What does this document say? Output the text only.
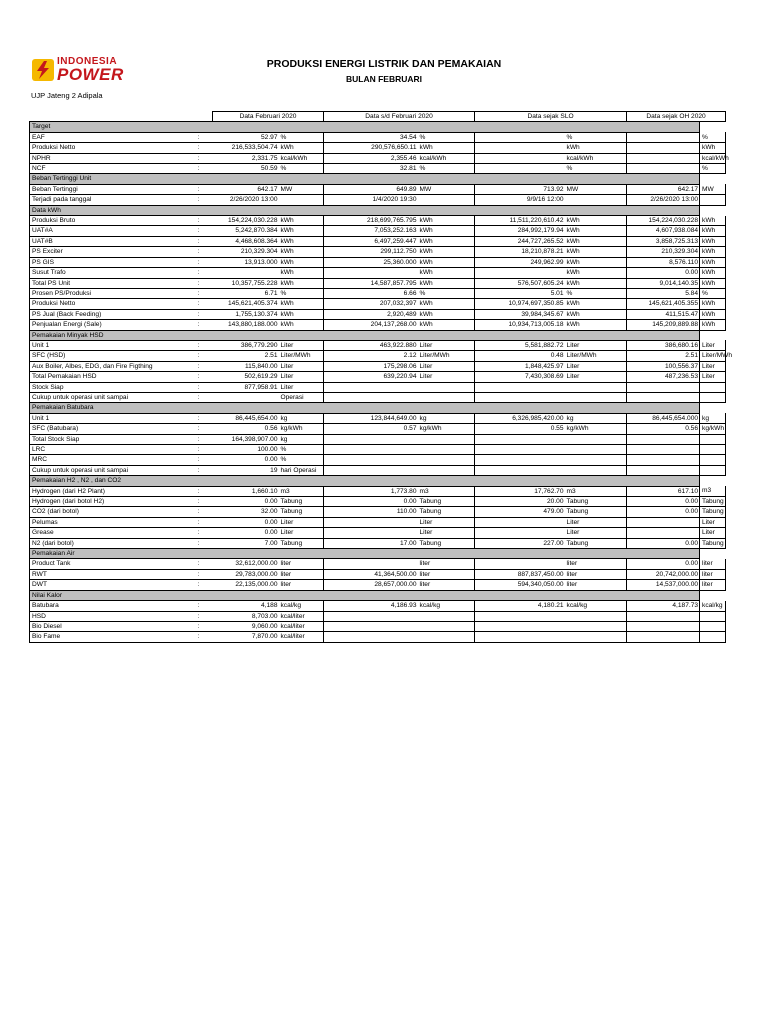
INDONESIA
POWER
UJP Jateng 2 Adipala
PRODUKSI ENERGI LISTRIK DAN PEMAKAIAN
BULAN FEBRUARI
		Data Februari 2020		Data s/d Februari 2020		Data sejak SLO		Data sejak OH 2020	
Target									
EAF	:	52.97	%	34.54	%		%		%
Produksi Netto	:	216,533,504.74	kWh	290,576,650.11	kWh		kWh		kWh
NPHR	:	2,331.75	kcal/kWh	2,355.46	kcal/kWh		kcal/kWh		kcal/kWh
NCF	:	50.59	%	32.81	%		%		%
Beban Tertinggi Unit									
Beban Tertinggi	:	642.17	MW	649.89	MW	713.92	MW	642.17	MW
Terjadi pada tanggal	:	2/26/2020 13:00		1/4/2020 19:30		9/9/16 12:00		2/26/2020 13:00	
Data kWh									
Produksi Bruto	:	154,224,030.228	kWh	218,699,765.795	kWh	11,511,220,610.42	kWh	154,224,030.228	kWh
UAT#A	:	5,242,870.384	kWh	7,053,252.163	kWh	284,992,179.94	kWh	4,607,938.084	kWh
UAT#B	:	4,468,608.364	kWh	6,497,259.447	kWh	244,727,265.52	kWh	3,858,725.313	kWh
PS Exciter	:	210,329.304	kWh	299,112.750	kWh	18,210,878.21	kWh	210,329.304	kWh
PS GIS	:	13,913.000	kWh	25,360.000	kWh	249,962.99	kWh	8,576.110	kWh
Susut Trafo	:		kWh		kWh		kWh	0.00	kWh
Total PS Unit	:	10,357,755.228	kWh	14,587,857.795	kWh	576,507,605.24	kWh	9,014,140.35	kWh
Prosen PS/Produksi	:	6.71	%	6.66	%	5.01	%	5.84	%
Produksi Netto	:	145,621,405.374	kWh	207,032,397	kWh	10,974,697,350.85	kWh	145,621,405.355	kWh
PS Jual (Back Feeding)	:	1,755,130.374	kWh	2,920,489	kWh	39,984,345.67	kWh	411,515.47	kWh
Penjualan Energi (Sale)	:	143,880,188.000	kWh	204,137,268.00	kWh	10,934,713,005.18	kWh	145,209,889.88	kWh
Pemakaian Minyak HSD									
Unit 1	:	386,779.290	Liter	463,922.880	Liter	5,581,882.72	Liter	386,680.16	Liter
SFC (HSD)	:	2.51	Liter/MWh	2.12	Liter/MWh	0.48	Liter/MWh	2.51	Liter/MWh
Aux Boiler, Albes, EDG, dan Fire Figthing	:	115,840.00	Liter	175,298.06	Liter	1,848,425.97	Liter	100,556.37	Liter
Total Pemakaian HSD	:	502,619.29	Liter	639,220.94	Liter	7,430,308.69	Liter	487,236.53	Liter
Stock Siap	:	877,958.91	Liter						
Cukup untuk operasi unit sampai	:		Operasi						
Pemakaian Batubara									
Unit 1	:	86,445,654.00	kg	123,844,649.00	kg	6,326,985,420.00	kg	86,445,654.000	kg
SFC (Batubara)	:	0.56	kg/kWh	0.57	kg/kWh	0.55	kg/kWh	0.56	kg/kWh
Total Stock Siap	:	164,398,907.00	kg						
LRC	:	100.00	%						
MRC	:	0.00	%						
Cukup untuk operasi unit sampai	:	19	hari Operasi						
Pemakaian H2 , N2 , dan CO2									
Hydrogen (dari H2 Plant)	:	1,660.10	m3	1,773.80	m3	17,762.70	m3	617.10	m3
Hydrogen (dari botol H2)	:	0.00	Tabung	0.00	Tabung	20.00	Tabung	0.00	Tabung
CO2 (dari botol)	:	32.00	Tabung	110.00	Tabung	479.00	Tabung	0.00	Tabung
Pelumas	:	0.00	Liter		Liter		Liter		Liter
Grease	:	0.00	Liter		Liter		Liter		Liter
N2 (dari botol)	:	7.00	Tabung	17.00	Tabung	227.00	Tabung	0.00	Tabung
Pemakaian Air									
Product Tank	:	32,612,000.00	liter		liter		liter	0.00	liter
RWT	:	29,783,000.00	liter	41,364,500.00	liter	887,837,450.00	liter	20,742,000.00	liter
DWT	:	22,135,000.00	liter	28,657,000.00	liter	594,340,050.00	liter	14,537,000.00	liter
Nilai Kalor									
Batubara	:	4,188	kcal/kg	4,186.93	kcal/kg	4,180.21	kcal/kg	4,187.73	kcal/kg
HSD	:	8,703.00	kcal/liter						
Bio Diesel	:	9,060.00	kcal/liter						
Bio Fame	:	7,870.00	kcal/liter						
